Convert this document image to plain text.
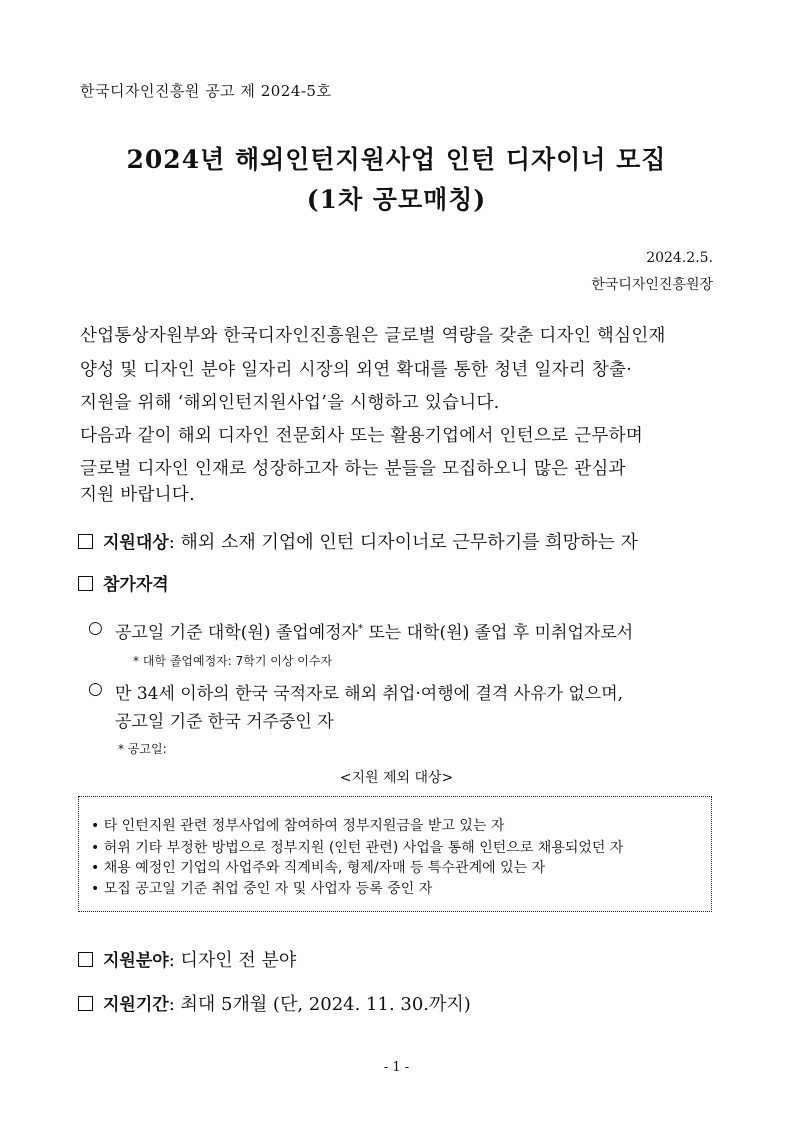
한국디자인진흥원 공고 제 2024-5호
2024년 해외인턴지원사업 인턴 디자이너 모집
(1차 공모매칭)
2024.2.5.
한국디자인진흥원장
산업통상자원부와 한국디자인진흥원은 글로벌 역량을 갖춘 디자인 핵심인재
양성 및 디자인 분야 일자리 시장의 외연 확대를 통한 청년 일자리 창출·
지원을 위해 ‘해외인턴지원사업’을 시행하고 있습니다.
다음과 같이 해외 디자인 전문회사 또는 활용기업에서 인턴으로 근무하며
글로벌 디자인 인재로 성장하고자 하는 분들을 모집하오니 많은 관심과
지원 바랍니다.
지원대상: 해외 소재 기업에 인턴 디자이너로 근무하기를 희망하는 자
참가자격
○ 공고일 기준 대학(원) 졸업예정자* 또는 대학(원) 졸업 후 미취업자로서
* 대학 졸업예정자: 7학기 이상 이수자
○ 만 34세 이하의 한국 국적자로 해외 취업·여행에 결격 사유가 없으며,
공고일 기준 한국 거주중인 자
* 공고일:
<지원 제외 대상>
• 타 인턴지원 관련 정부사업에 참여하여 정부지원금을 받고 있는 자
• 허위 기타 부정한 방법으로 정부지원 (인턴 관련) 사업을 통해 인턴으로 채용되었던 자
• 채용 예정인 기업의 사업주와 직계비속, 형제/자매 등 특수관계에 있는 자
• 모집 공고일 기준 취업 중인 자 및 사업자 등록 중인 자
지원분야: 디자인 전 분야
지원기간: 최대 5개월 (단, 2024. 11. 30.까지)
- 1 -
